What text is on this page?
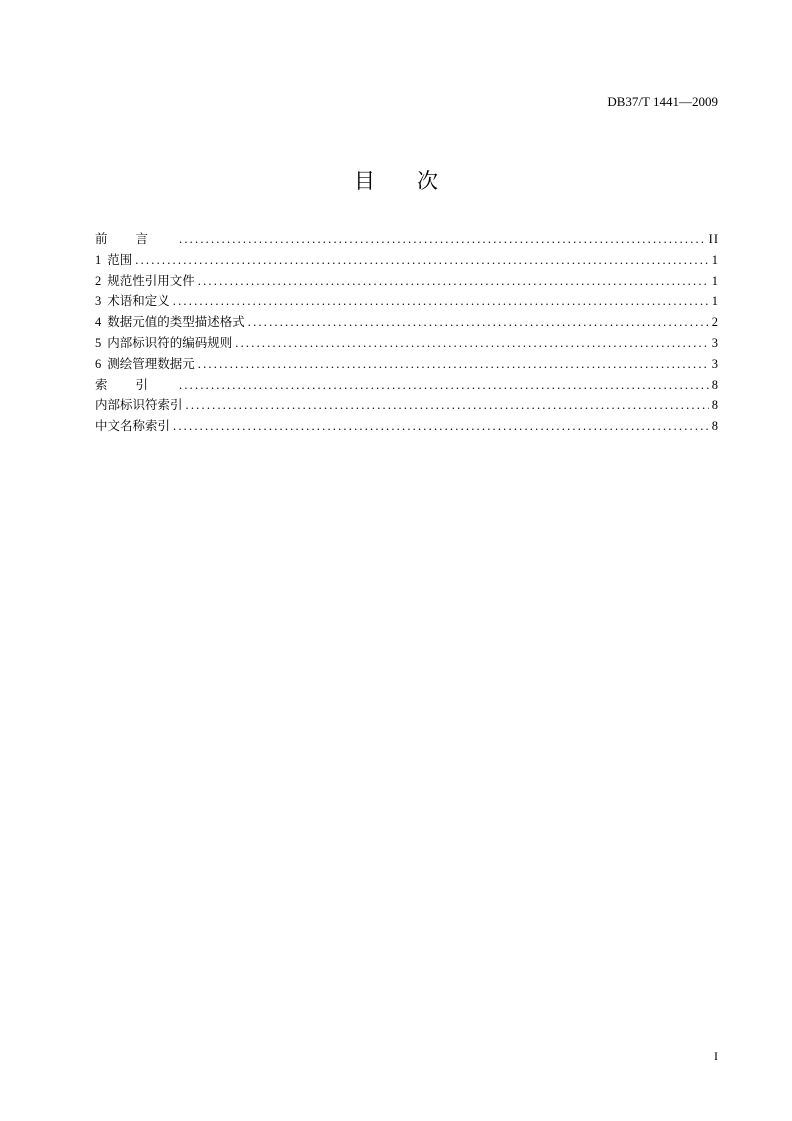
DB37/T 1441—2009
目　　次
前言 .....	II
1 范围 .....	1
2 规范性引用文件 .....	1
3 术语和定义 .....	1
4 数据元值的类型描述格式 .....	2
5 内部标识符的编码规则 .....	3
6 测绘管理数据元 .....	3
索引 .....	8
内部标识符索引 .....	8
中文名称索引 .....	8
I
